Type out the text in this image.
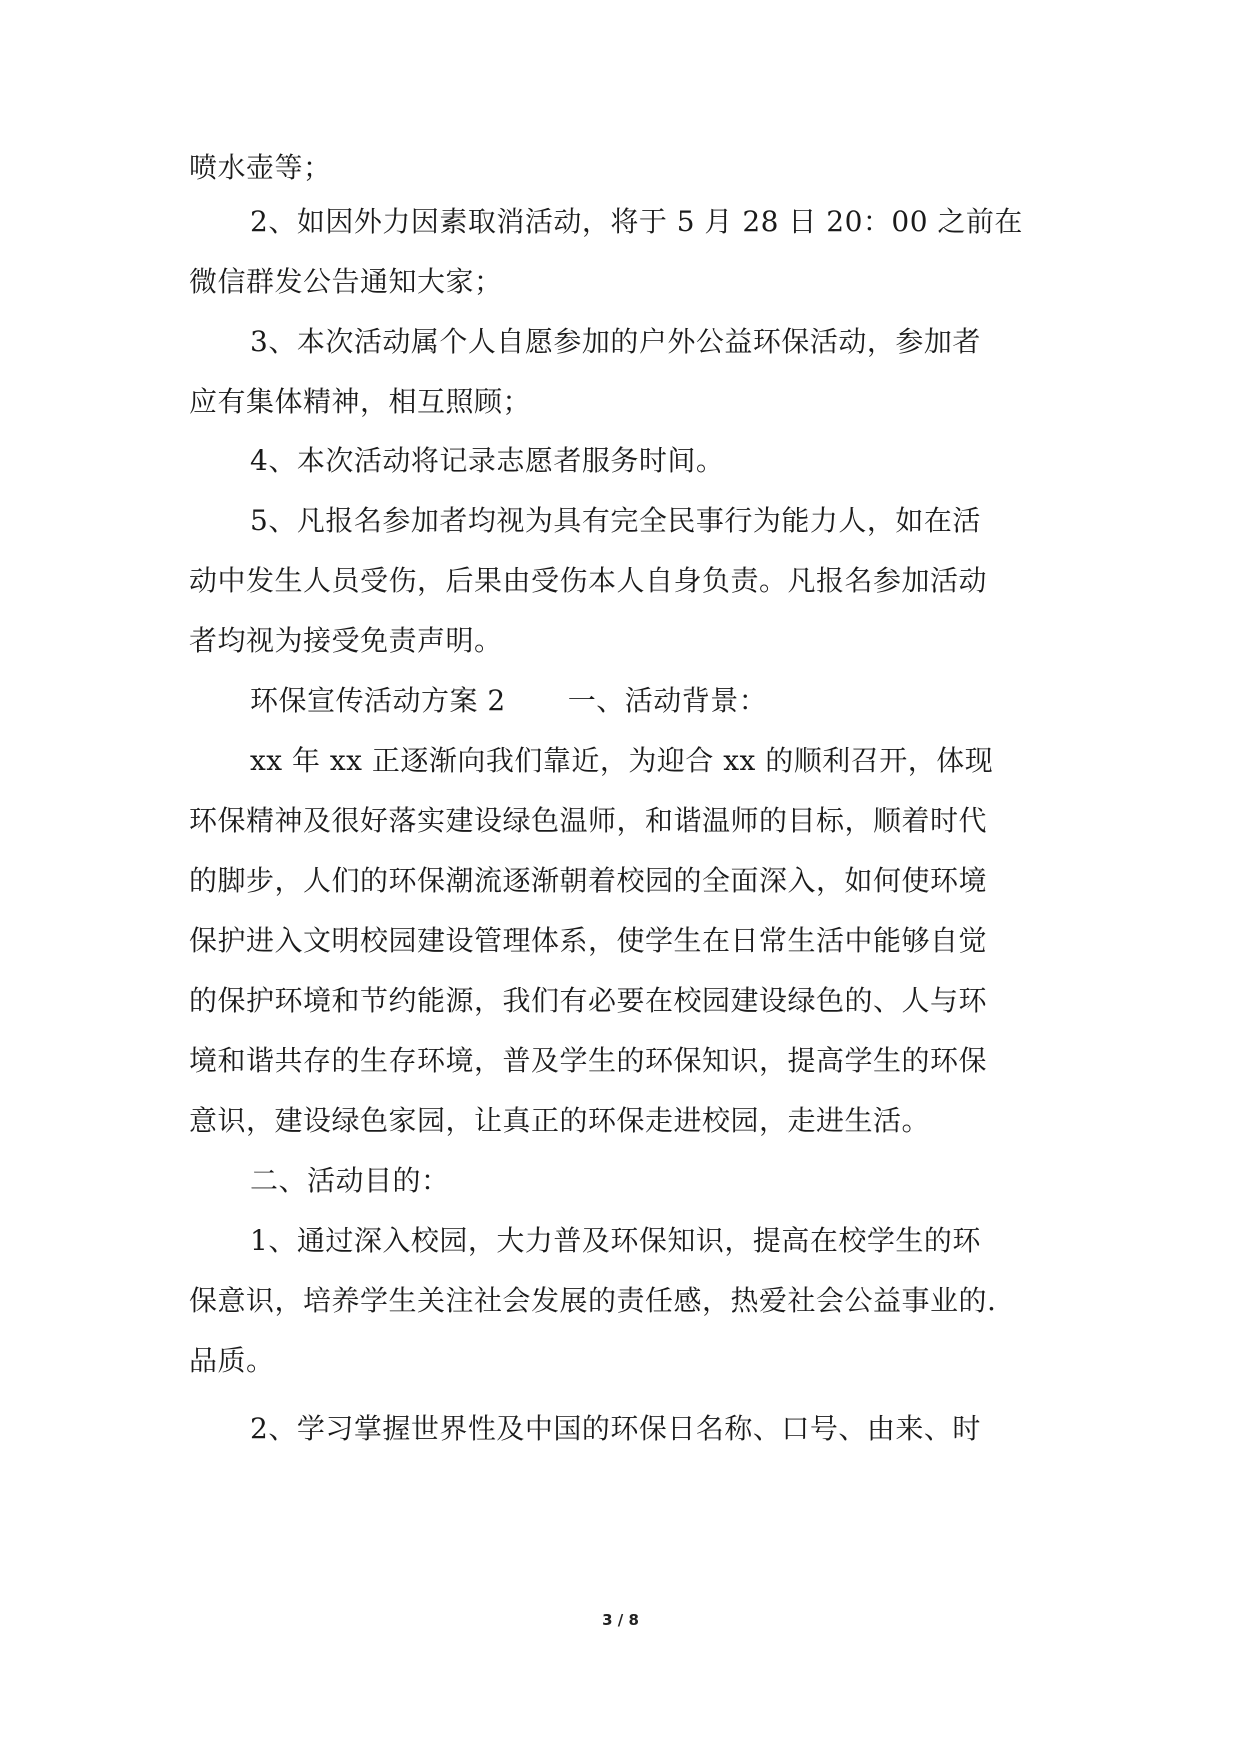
喷水壶等；
2、如因外力因素取消活动，将于 5 月 28 日 20：00 之前在
微信群发公告通知大家；
3、本次活动属个人自愿参加的户外公益环保活动，参加者
应有集体精神，相互照顾；
4、本次活动将记录志愿者服务时间。
5、凡报名参加者均视为具有完全民事行为能力人，如在活
动中发生人员受伤，后果由受伤本人自身负责。凡报名参加活动
者均视为接受免责声明。
环保宣传活动方案 2 一、活动背景：
xx 年 xx 正逐渐向我们靠近，为迎合 xx 的顺利召开，体现
环保精神及很好落实建设绿色温师，和谐温师的目标，顺着时代
的脚步，人们的环保潮流逐渐朝着校园的全面深入，如何使环境
保护进入文明校园建设管理体系，使学生在日常生活中能够自觉
的保护环境和节约能源，我们有必要在校园建设绿色的、人与环
境和谐共存的生存环境，普及学生的环保知识，提高学生的环保
意识，建设绿色家园，让真正的环保走进校园，走进生活。
二、活动目的：
1、通过深入校园，大力普及环保知识，提高在校学生的环
保意识，培养学生关注社会发展的责任感，热爱社会公益事业的.
品质。
2、学习掌握世界性及中国的环保日名称、口号、由来、时
3 / 8
